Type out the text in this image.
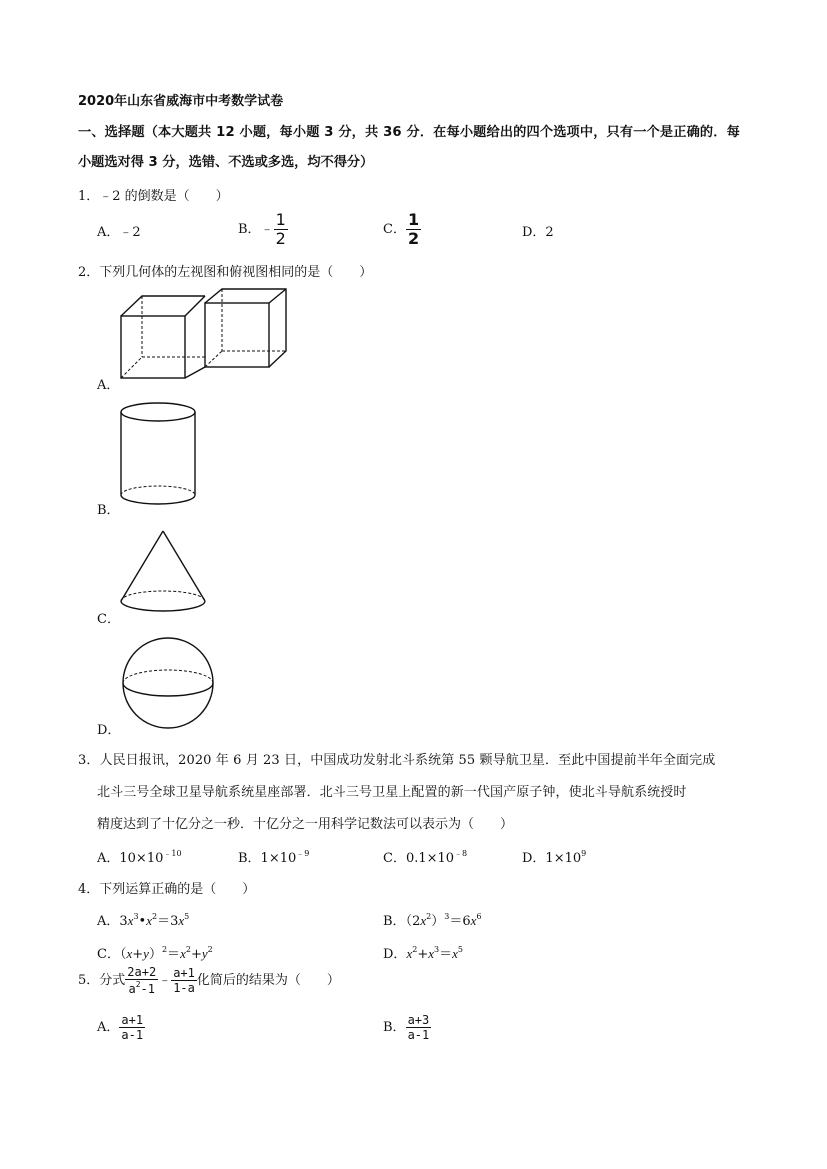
2020年山东省威海市中考数学试卷
一、选择题（本大题共 12 小题，每小题 3 分，共 36 分．在每小题给出的四个选项中，只有一个是正确的．每
小题选对得 3 分，选错、不选或多选，均不得分）
1．﹣2 的倒数是（　　）
A．﹣2	B．﹣ $\frac{1}{2}$	C． $\frac{1}{2}$	D．2
2．下列几何体的左视图和俯视图相同的是（　　）
A．
B．
C．
D．
3．人民日报讯，2020 年 6 月 23 日，中国成功发射北斗系统第 55 颗导航卫星．至此中国提前半年全面完成
北斗三号全球卫星导航系统星座部署．北斗三号卫星上配置的新一代国产原子钟，使北斗导航系统授时
精度达到了十亿分之一秒．十亿分之一用科学记数法可以表示为（　　）
A．$10\times 10^{﹣10}$	B．$1\times 10^{﹣9}$	C．$0.1\times 10^{﹣8}$	D．$1\times 10^9$
4．下列运算正确的是（　　）
A．$3x^3•x^2=3x^5$	B．$(2x^2)^3=6x^6$
C．$(x+y)^2=x^2+y^2$	D．$x^2+x^3=x^5$
5．分式 $\frac{2a+2}{a^2-1}$ ﹣ $\frac{a+1}{1-a}$ 化简后的结果为（　　）
A． $\frac{a+1}{a-1}$	B． $\frac{a+3}{a-1}$
